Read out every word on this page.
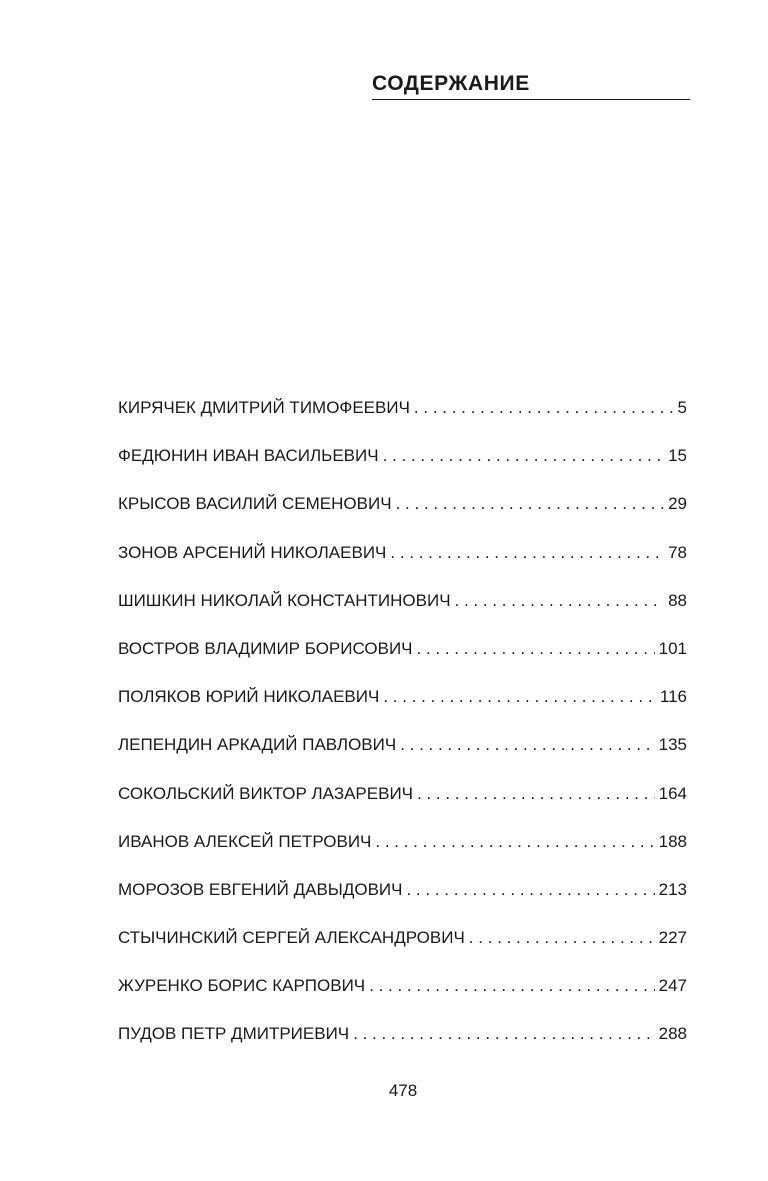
СОДЕРЖАНИЕ
КИРЯЧЕК ДМИТРИЙ ТИМОФЕЕВИЧ . . .	5
ФЕДЮНИН ИВАН ВАСИЛЬЕВИЧ . . .	15
КРЫСОВ ВАСИЛИЙ СЕМЕНОВИЧ . . .	29
ЗОНОВ АРСЕНИЙ НИКОЛАЕВИЧ . . .	78
ШИШКИН НИКОЛАЙ КОНСТАНТИНОВИЧ . . .	88
ВОСТРОВ ВЛАДИМИР БОРИСОВИЧ . . .	101
ПОЛЯКОВ ЮРИЙ НИКОЛАЕВИЧ . . .	116
ЛЕПЕНДИН АРКАДИЙ ПАВЛОВИЧ . . .	135
СОКОЛЬСКИЙ ВИКТОР ЛАЗАРЕВИЧ . . .	164
ИВАНОВ АЛЕКСЕЙ ПЕТРОВИЧ . . .	188
МОРОЗОВ ЕВГЕНИЙ ДАВЫДОВИЧ . . .	213
СТЫЧИНСКИЙ СЕРГЕЙ АЛЕКСАНДРОВИЧ . . .	227
ЖУРЕНКО БОРИС КАРПОВИЧ . . .	247
ПУДОВ ПЕТР ДМИТРИЕВИЧ . . .	288
478
